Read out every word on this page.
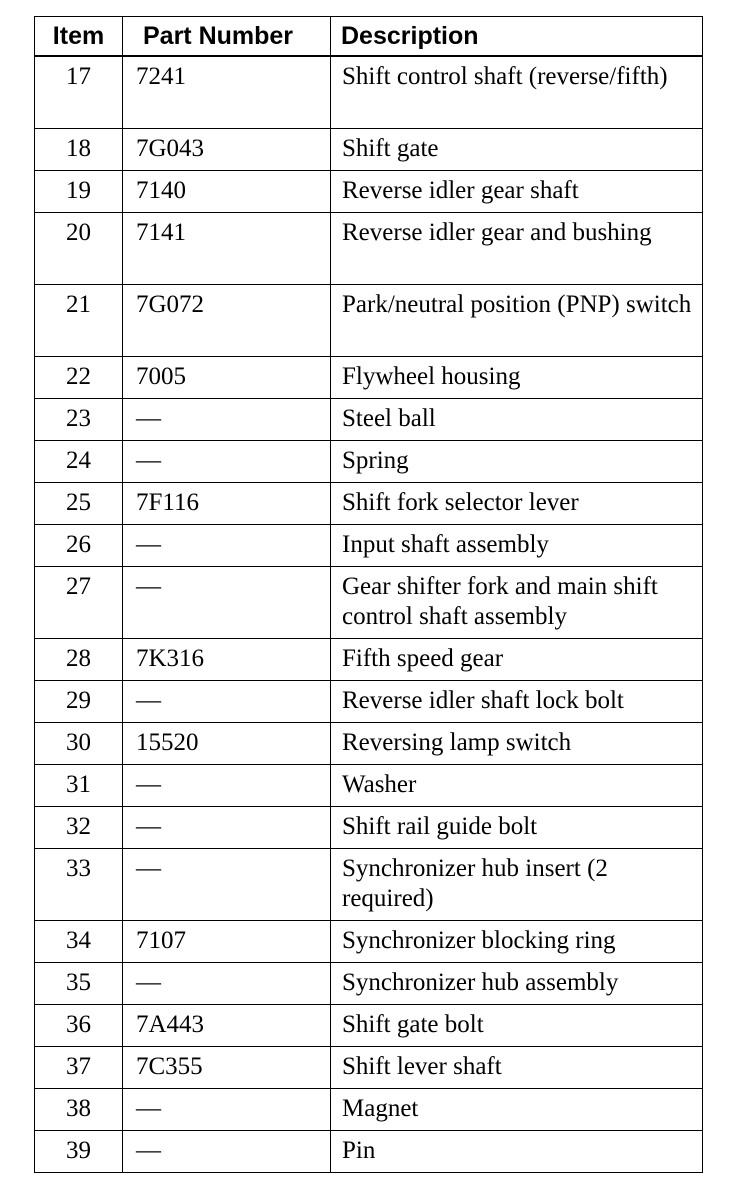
Item	Part Number	Description
17	7241	Shift control shaft (reverse/fifth)
18	7G043	Shift gate
19	7140	Reverse idler gear shaft
20	7141	Reverse idler gear and bushing
21	7G072	Park/neutral position (PNP) switch
22	7005	Flywheel housing
23	—	Steel ball
24	—	Spring
25	7F116	Shift fork selector lever
26	—	Input shaft assembly
27	—	Gear shifter fork and main shift control shaft assembly
28	7K316	Fifth speed gear
29	—	Reverse idler shaft lock bolt
30	15520	Reversing lamp switch
31	—	Washer
32	—	Shift rail guide bolt
33	—	Synchronizer hub insert (2 required)
34	7107	Synchronizer blocking ring
35	—	Synchronizer hub assembly
36	7A443	Shift gate bolt
37	7C355	Shift lever shaft
38	—	Magnet
39	—	Pin
